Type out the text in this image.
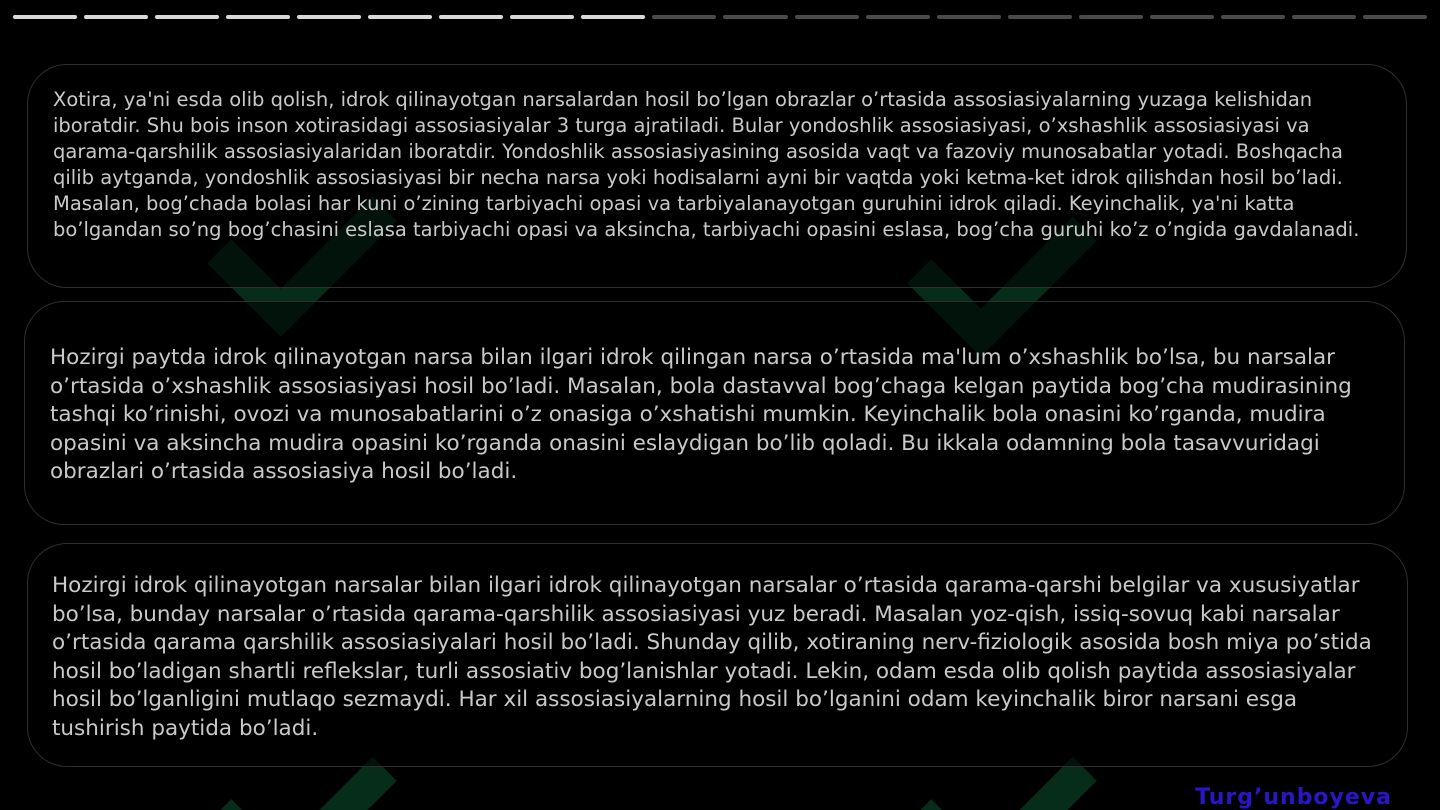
Xotira, ya'ni esda olib qolish, idrok qilinayotgan narsalardan hosil bo’lgan obrazlar o’rtasida assosiasiyalarning yuzaga kelishidan iboratdir. Shu bois inson xotirasidagi assosiasiyalar 3 turga ajratiladi. Bular yondoshlik assosiasiyasi, o’xshashlik assosiasiyasi va qarama-qarshilik assosiasiyalaridan iboratdir. Yondoshlik assosiasiyasining asosida vaqt va fazoviy munosabatlar yotadi. Boshqacha qilib aytganda, yondoshlik assosiasiyasi bir necha narsa yoki hodisalarni ayni bir vaqtda yoki ketma-ket idrok qilishdan hosil bo’ladi. Masalan, bog’chada bolasi har kuni o’zining tarbiyachi opasi va tarbiyalanayotgan guruhini idrok qiladi. Keyinchalik, ya'ni katta bo’lgandan so’ng bog’chasini eslasa tarbiyachi opasi va aksincha, tarbiyachi opasini eslasa, bog’cha guruhi ko’z o’ngida gavdalanadi.

Hozirgi paytda idrok qilinayotgan narsa bilan ilgari idrok qilingan narsa o’rtasida ma'lum o’xshashlik bo’lsa, bu narsalar o’rtasida o’xshashlik assosiasiyasi hosil bo’ladi. Masalan, bola dastavval bog’chaga kelgan paytida bog’cha mudirasining tashqi ko’rinishi, ovozi va munosabatlarini o’z onasiga o’xshatishi mumkin. Keyinchalik bola onasini ko’rganda, mudira opasini va aksincha mudira opasini ko’rganda onasini eslaydigan bo’lib qoladi. Bu ikkala odamning bola tasavvuridagi obrazlari o’rtasida assosiasiya hosil bo’ladi.

Hozirgi idrok qilinayotgan narsalar bilan ilgari idrok qilinayotgan narsalar o’rtasida qarama-qarshi belgilar va xususiyatlar bo’lsa, bunday narsalar o’rtasida qarama-qarshilik assosiasiyasi yuz beradi. Masalan yoz-qish, issiq-sovuq kabi narsalar o’rtasida qarama qarshilik assosiasiyalari hosil bo’ladi. Shunday qilib, xotiraning nerv-fiziologik asosida bosh miya po’stida hosil bo’ladigan shartli reflekslar, turli assosiativ bog’lanishlar yotadi. Lekin, odam esda olib qolish paytida assosiasiyalar hosil bo’lganligini mutlaqo sezmaydi. Har xil assosiasiyalarning hosil bo’lganini odam keyinchalik biror narsani esga tushirish paytida bo’ladi.

Turg’unboyeva
